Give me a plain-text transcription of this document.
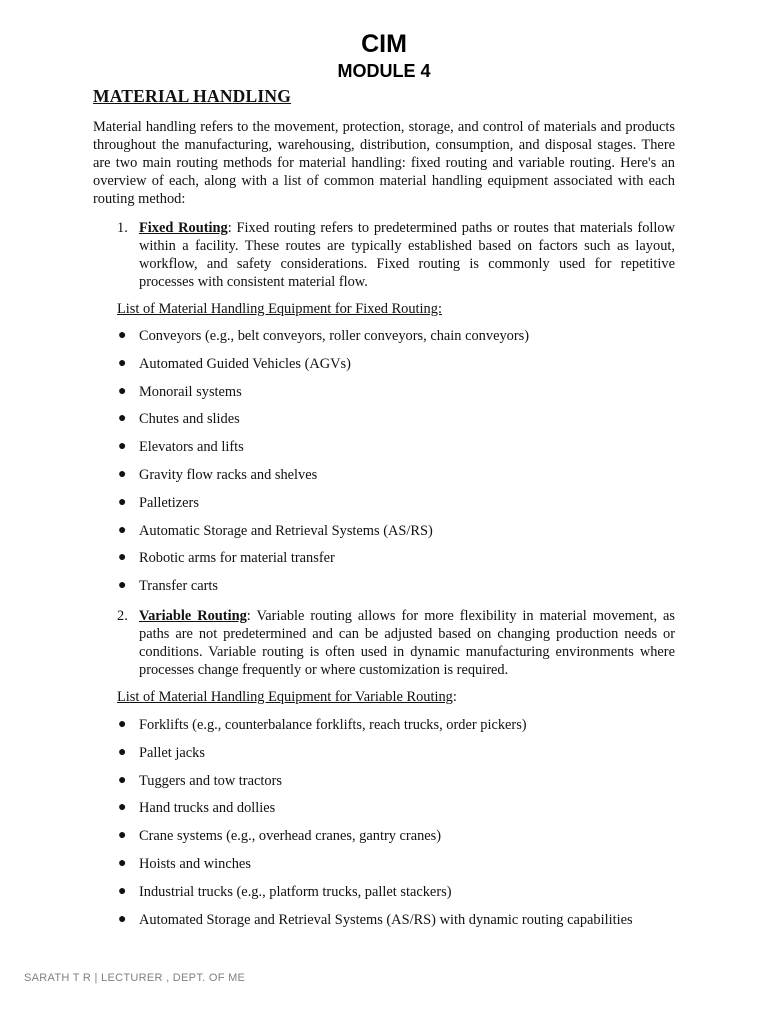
CIM
MODULE 4
MATERIAL HANDLING

Material handling refers to the movement, protection, storage, and control of materials and products throughout the manufacturing, warehousing, distribution, consumption, and disposal stages. There are two main routing methods for material handling: fixed routing and variable routing. Here's an overview of each, along with a list of common material handling equipment associated with each routing method:

1. Fixed Routing: Fixed routing refers to predetermined paths or routes that materials follow within a facility. These routes are typically established based on factors such as layout, workflow, and safety considerations. Fixed routing is commonly used for repetitive processes with consistent material flow.

List of Material Handling Equipment for Fixed Routing:

● Conveyors (e.g., belt conveyors, roller conveyors, chain conveyors)
● Automated Guided Vehicles (AGVs)
● Monorail systems
● Chutes and slides
● Elevators and lifts
● Gravity flow racks and shelves
● Palletizers
● Automatic Storage and Retrieval Systems (AS/RS)
● Robotic arms for material transfer
● Transfer carts
2. Variable Routing: Variable routing allows for more flexibility in material movement, as paths are not predetermined and can be adjusted based on changing production needs or conditions. Variable routing is often used in dynamic manufacturing environments where processes change frequently or where customization is required.

List of Material Handling Equipment for Variable Routing:

● Forklifts (e.g., counterbalance forklifts, reach trucks, order pickers)
● Pallet jacks
● Tuggers and tow tractors
● Hand trucks and dollies
● Crane systems (e.g., overhead cranes, gantry cranes)
● Hoists and winches
● Industrial trucks (e.g., platform trucks, pallet stackers)
● Automated Storage and Retrieval Systems (AS/RS) with dynamic routing capabilities
SARATH T R | LECTURER , DEPT. OF ME
